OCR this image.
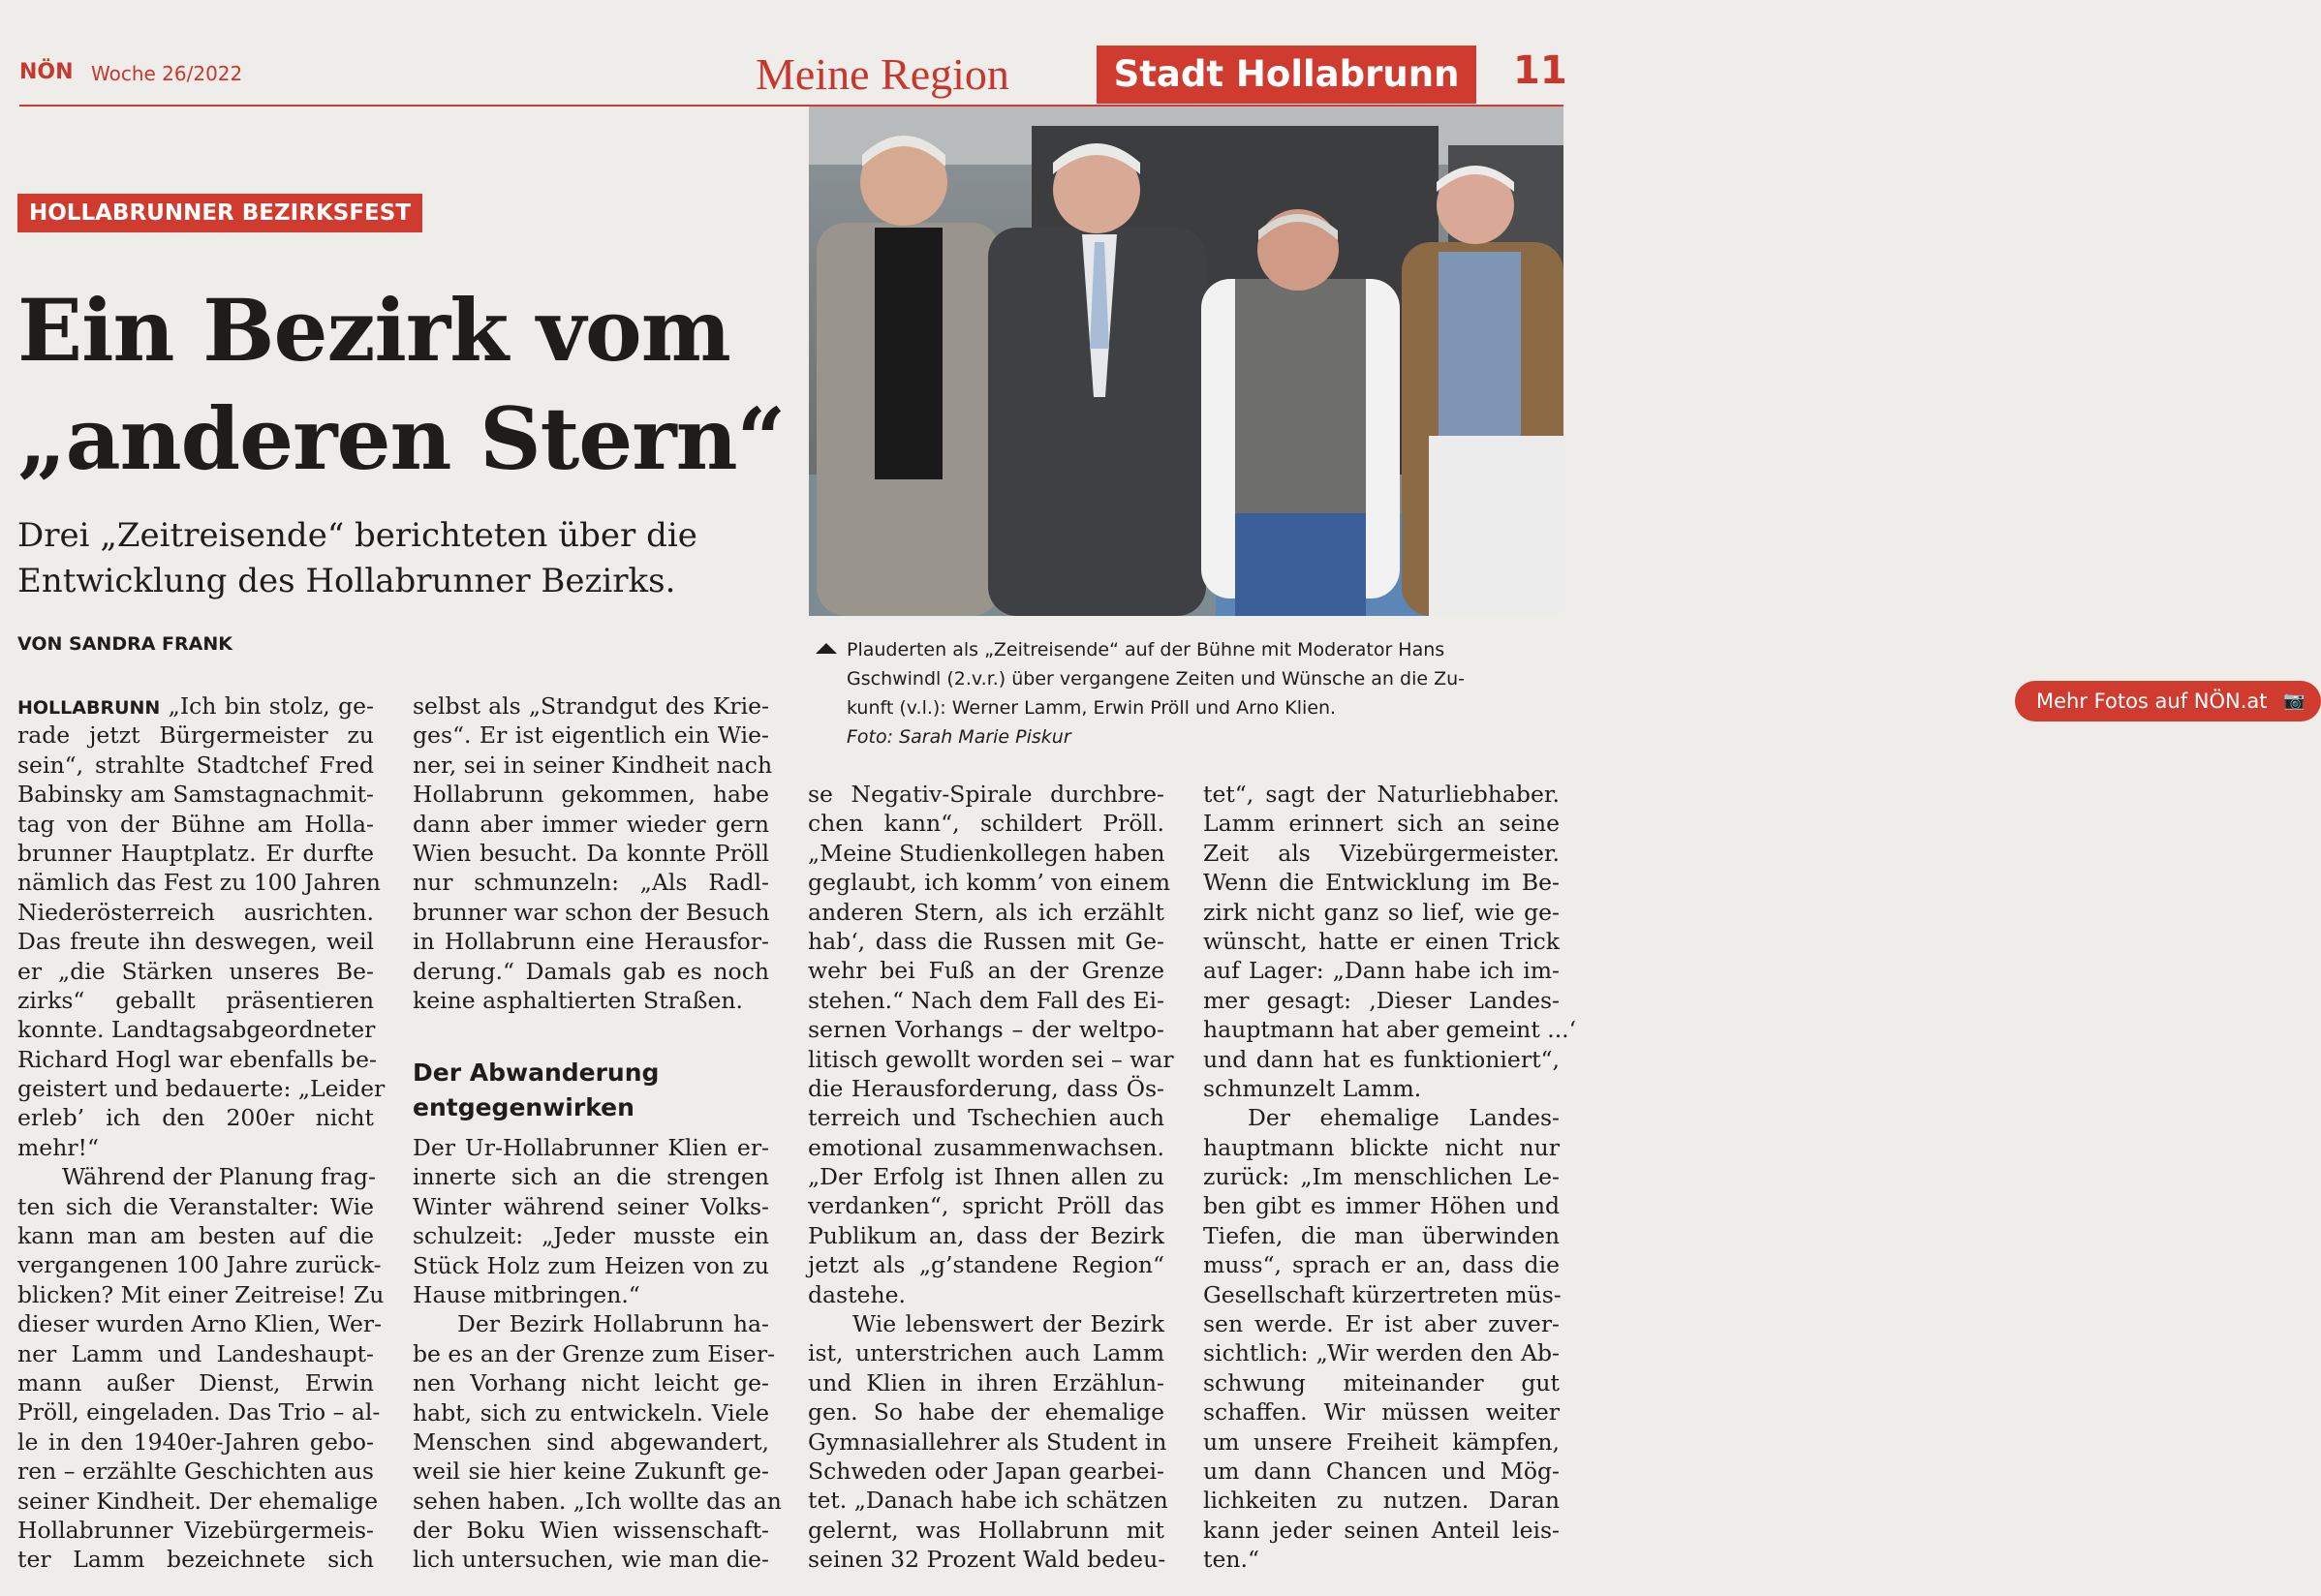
NÖN Woche 26/2022	Meine Region	Stadt Hollabrunn	11
HOLLABRUNNER BEZIRKSFEST
Ein Bezirk vom
„anderen Stern“

Drei „Zeitreisende“ berichteten über die
Entwicklung des Hollabrunner Bezirks.

VON SANDRA FRANK
Mehr Fotos auf NÖN.at 📷
Plauderten als „Zeitreisende“ auf der Bühne mit Moderator Hans
Gschwindl (2.v.r.) über vergangene Zeiten und Wünsche an die Zu-
kunft (v.l.): Werner Lamm, Erwin Pröll und Arno Klien.
Foto: Sarah Marie Piskur
HOLLABRUNN „Ich bin stolz, ge-
rade jetzt Bürgermeister zu
sein“, strahlte Stadtchef Fred
Babinsky am Samstagnachmit-
tag von der Bühne am Holla-
brunner Hauptplatz. Er durfte
nämlich das Fest zu 100 Jahren
Niederösterreich ausrichten.
Das freute ihn deswegen, weil
er „die Stärken unseres Be-
zirks“ geballt präsentieren
konnte. Landtagsabgeordneter
Richard Hogl war ebenfalls be-
geistert und bedauerte: „Leider
erleb’ ich den 200er nicht
mehr!“
Während der Planung frag-
ten sich die Veranstalter: Wie
kann man am besten auf die
vergangenen 100 Jahre zurück-
blicken? Mit einer Zeitreise! Zu
dieser wurden Arno Klien, Wer-
ner Lamm und Landeshaupt-
mann außer Dienst, Erwin
Pröll, eingeladen. Das Trio – al-
le in den 1940er-Jahren gebo-
ren – erzählte Geschichten aus
seiner Kindheit. Der ehemalige
Hollabrunner Vizebürgermeis-
ter Lamm bezeichnete sich
selbst als „Strandgut des Krie-
ges“. Er ist eigentlich ein Wie-
ner, sei in seiner Kindheit nach
Hollabrunn gekommen, habe
dann aber immer wieder gern
Wien besucht. Da konnte Pröll
nur schmunzeln: „Als Radl-
brunner war schon der Besuch
in Hollabrunn eine Herausfor-
derung.“ Damals gab es noch
keine asphaltierten Straßen.
Der Abwanderung
entgegenwirken
Der Ur-Hollabrunner Klien er-
innerte sich an die strengen
Winter während seiner Volks-
schulzeit: „Jeder musste ein
Stück Holz zum Heizen von zu
Hause mitbringen.“
Der Bezirk Hollabrunn ha-
be es an der Grenze zum Eiser-
nen Vorhang nicht leicht ge-
habt, sich zu entwickeln. Viele
Menschen sind abgewandert,
weil sie hier keine Zukunft ge-
sehen haben. „Ich wollte das an
der Boku Wien wissenschaft-
lich untersuchen, wie man die-
se Negativ-Spirale durchbre-
chen kann“, schildert Pröll.
„Meine Studienkollegen haben
geglaubt, ich komm’ von einem
anderen Stern, als ich erzählt
hab‘, dass die Russen mit Ge-
wehr bei Fuß an der Grenze
stehen.“ Nach dem Fall des Ei-
sernen Vorhangs – der weltpo-
litisch gewollt worden sei – war
die Herausforderung, dass Ös-
terreich und Tschechien auch
emotional zusammenwachsen.
„Der Erfolg ist Ihnen allen zu
verdanken“, spricht Pröll das
Publikum an, dass der Bezirk
jetzt als „g’standene Region“
dastehe.
Wie lebenswert der Bezirk
ist, unterstrichen auch Lamm
und Klien in ihren Erzählun-
gen. So habe der ehemalige
Gymnasiallehrer als Student in
Schweden oder Japan gearbei-
tet. „Danach habe ich schätzen
gelernt, was Hollabrunn mit
seinen 32 Prozent Wald bedeu-
tet“, sagt der Naturliebhaber.
Lamm erinnert sich an seine
Zeit als Vizebürgermeister.
Wenn die Entwicklung im Be-
zirk nicht ganz so lief, wie ge-
wünscht, hatte er einen Trick
auf Lager: „Dann habe ich im-
mer gesagt: ‚Dieser Landes-
hauptmann hat aber gemeint ...‘
und dann hat es funktioniert“,
schmunzelt Lamm.
Der ehemalige Landes-
hauptmann blickte nicht nur
zurück: „Im menschlichen Le-
ben gibt es immer Höhen und
Tiefen, die man überwinden
muss“, sprach er an, dass die
Gesellschaft kürzertreten müs-
sen werde. Er ist aber zuver-
sichtlich: „Wir werden den Ab-
schwung miteinander gut
schaffen. Wir müssen weiter
um unsere Freiheit kämpfen,
um dann Chancen und Mög-
lichkeiten zu nutzen. Daran
kann jeder seinen Anteil leis-
ten.“
